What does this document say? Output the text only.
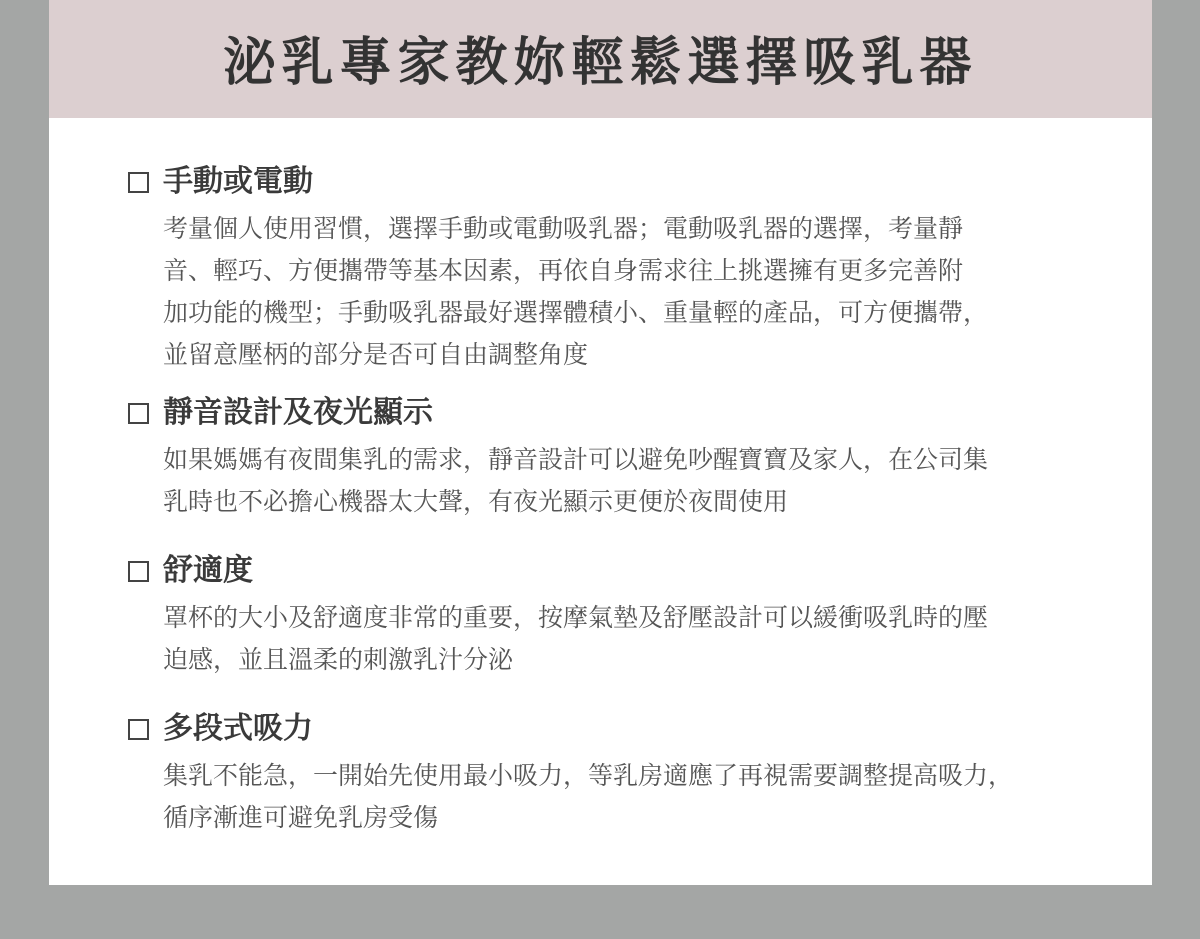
泌乳專家教妳輕鬆選擇吸乳器
手動或電動
考量個人使用習慣，選擇手動或電動吸乳器；電動吸乳器的選擇，考量靜
音、輕巧、方便攜帶等基本因素，再依自身需求往上挑選擁有更多完善附
加功能的機型；手動吸乳器最好選擇體積小、重量輕的產品，可方便攜帶，
並留意壓柄的部分是否可自由調整角度
靜音設計及夜光顯示
如果媽媽有夜間集乳的需求，靜音設計可以避免吵醒寶寶及家人，在公司集
乳時也不必擔心機器太大聲，有夜光顯示更便於夜間使用
舒適度
罩杯的大小及舒適度非常的重要，按摩氣墊及舒壓設計可以緩衝吸乳時的壓
迫感，並且溫柔的刺激乳汁分泌
多段式吸力
集乳不能急，一開始先使用最小吸力，等乳房適應了再視需要調整提高吸力，
循序漸進可避免乳房受傷
